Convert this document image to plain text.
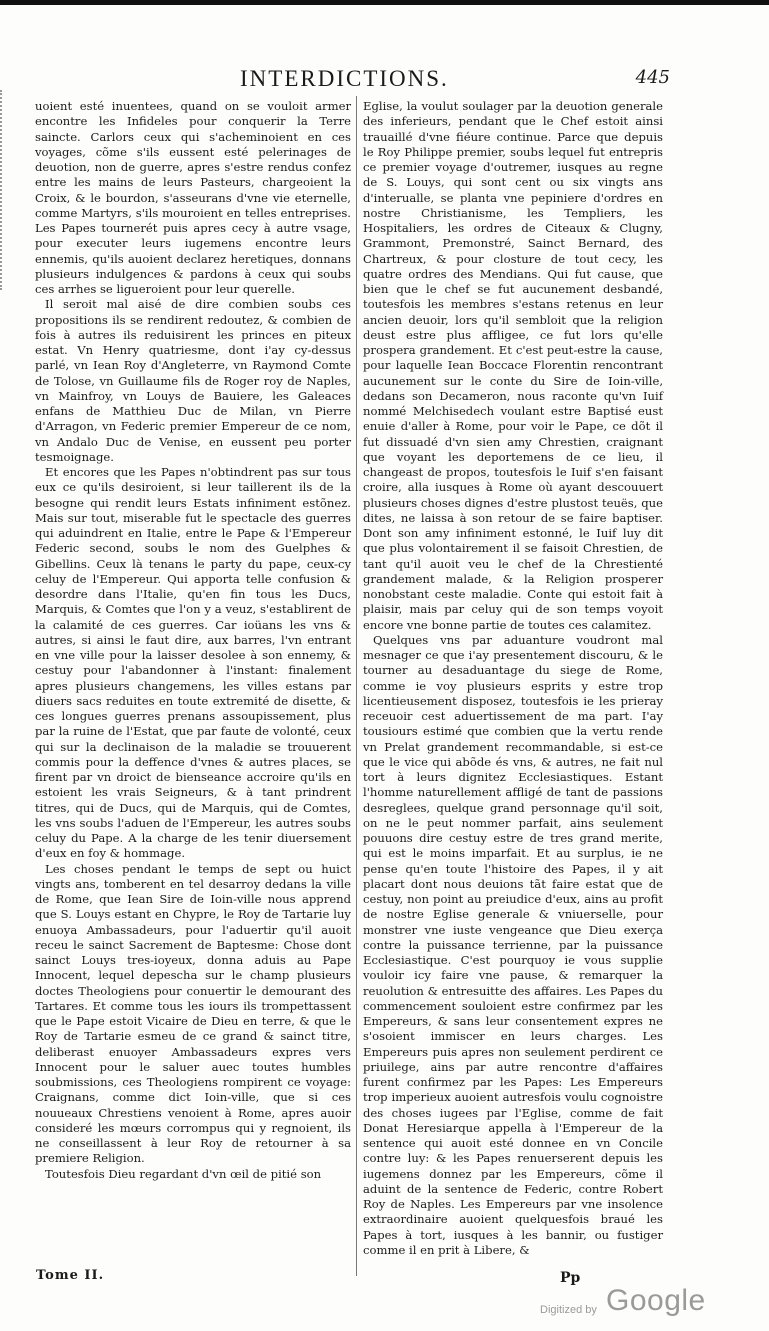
INTERDICTIONS.	445

uoient esté inuentees, quand on se vouloit armer encontre les Infideles pour conquerir la Terre saincte. Carlors ceux qui s'acheminoient en ces voyages, cõme s'ils eussent esté pelerinages de deuotion, non de guerre, apres s'estre rendus confez entre les mains de leurs Pasteurs, chargeoient la Croix, & le bourdon, s'asseurans d'vne vie eternelle, comme Martyrs, s'ils mouroient en telles entreprises. Les Papes tournerét puis apres cecy à autre vsage, pour executer leurs iugemens encontre leurs ennemis, qu'ils auoient declarez heretiques, donnans plusieurs indulgences & pardons à ceux qui soubs ces arrhes se ligueroient pour leur querelle.

Il seroit mal aisé de dire combien soubs ces propositions ils se rendirent redoutez, & combien de fois à autres ils reduisirent les princes en piteux estat. Vn Henry quatriesme, dont i'ay cy-dessus parlé, vn Iean Roy d'Angleterre, vn Raymond Comte de Tolose, vn Guillaume fils de Roger roy de Naples, vn Mainfroy, vn Louys de Bauiere, les Galeaces enfans de Matthieu Duc de Milan, vn Pierre d'Arragon, vn Federic premier Empereur de ce nom, vn Andalo Duc de Venise, en eussent peu porter tesmoignage.

Et encores que les Papes n'obtindrent pas sur tous eux ce qu'ils desiroient, si leur taillerent ils de la besogne qui rendit leurs Estats infiniment estõnez. Mais sur tout, miserable fut le spectacle des guerres qui aduindrent en Italie, entre le Pape & l'Empereur Federic second, soubs le nom des Guelphes & Gibellins. Ceux là tenans le party du pape, ceux-cy celuy de l'Empereur. Qui apporta telle confusion & desordre dans l'Italie, qu'en fin tous les Ducs, Marquis, & Comtes que l'on y a veuz, s'establirent de la calamité de ces guerres. Car ioüans les vns & autres, si ainsi le faut dire, aux barres, l'vn entrant en vne ville pour la laisser desolee à son ennemy, & cestuy pour l'abandonner à l'instant: finalement apres plusieurs changemens, les villes estans par diuers sacs reduites en toute extremité de disette, & ces longues guerres prenans assoupissement, plus par la ruine de l'Estat, que par faute de volonté, ceux qui sur la declinaison de la maladie se trouuerent commis pour la deffence d'vnes & autres places, se firent par vn droict de bienseance accroire qu'ils en estoient les vrais Seigneurs, & à tant prindrent titres, qui de Ducs, qui de Marquis, qui de Comtes, les vns soubs l'aduen de l'Empereur, les autres soubs celuy du Pape. A la charge de les tenir diuersement d'eux en foy & hommage.

Les choses pendant le temps de sept ou huict vingts ans, tomberent en tel desarroy dedans la ville de Rome, que Iean Sire de Ioin-ville nous apprend que S. Louys estant en Chypre, le Roy de Tartarie luy enuoya Ambassadeurs, pour l'aduertir qu'il auoit receu le sainct Sacrement de Baptesme: Chose dont sainct Louys tres-ioyeux, donna aduis au Pape Innocent, lequel depescha sur le champ plusieurs doctes Theologiens pour conuertir le demourant des Tartares. Et comme tous les iours ils trompettassent que le Pape estoit Vicaire de Dieu en terre, & que le Roy de Tartarie esmeu de ce grand & sainct titre, deliberast enuoyer Ambassadeurs expres vers Innocent pour le saluer auec toutes humbles soubmissions, ces Theologiens rompirent ce voyage: Craignans, comme dict Ioin-ville, que si ces nouueaux Chrestiens venoient à Rome, apres auoir consideré les mœurs corrompus qui y regnoient, ils ne conseillassent à leur Roy de retourner à sa premiere Religion.

Toutesfois Dieu regardant d'vn œil de pitié son

Eglise, la voulut soulager par la deuotion generale des inferieurs, pendant que le Chef estoit ainsi trauaillé d'vne fiéure continue. Parce que depuis le Roy Philippe premier, soubs lequel fut entrepris ce premier voyage d'outremer, iusques au regne de S. Louys, qui sont cent ou six vingts ans d'interualle, se planta vne pepiniere d'ordres en nostre Christianisme, les Templiers, les Hospitaliers, les ordres de Citeaux & Clugny, Grammont, Premonstré, Sainct Bernard, des Chartreux, & pour closture de tout cecy, les quatre ordres des Mendians. Qui fut cause, que bien que le chef se fut aucunement desbandé, toutesfois les membres s'estans retenus en leur ancien deuoir, lors qu'il sembloit que la religion deust estre plus affligee, ce fut lors qu'elle prospera grandement. Et c'est peut-estre la cause, pour laquelle Iean Boccace Florentin rencontrant aucunement sur le conte du Sire de Ioin-ville, dedans son Decameron, nous raconte qu'vn Iuif nommé Melchisedech voulant estre Baptisé eust enuie d'aller à Rome, pour voir le Pape, ce dõt il fut dissuadé d'vn sien amy Chrestien, craignant que voyant les deportemens de ce lieu, il changeast de propos, toutesfois le Iuif s'en faisant croire, alla iusques à Rome où ayant descouuert plusieurs choses dignes d'estre plustost teuës, que dites, ne laissa à son retour de se faire baptiser. Dont son amy infiniment estonné, le Iuif luy dit que plus volontairement il se faisoit Chrestien, de tant qu'il auoit veu le chef de la Chrestienté grandement malade, & la Religion prosperer nonobstant ceste maladie. Conte qui estoit fait à plaisir, mais par celuy qui de son temps voyoit encore vne bonne partie de toutes ces calamitez.

Quelques vns par aduanture voudront mal mesnager ce que i'ay presentement discouru, & le tourner au desaduantage du siege de Rome, comme ie voy plusieurs esprits y estre trop licentieusement disposez, toutesfois ie les prieray receuoir cest aduertissement de ma part. I'ay tousiours estimé que combien que la vertu rende vn Prelat grandement recommandable, si est-ce que le vice qui abõde és vns, & autres, ne fait nul tort à leurs dignitez Ecclesiastiques. Estant l'homme naturellement affligé de tant de passions desreglees, quelque grand personnage qu'il soit, on ne le peut nommer parfait, ains seulement pouuons dire cestuy estre de tres grand merite, qui est le moins imparfait. Et au surplus, ie ne pense qu'en toute l'histoire des Papes, il y ait placart dont nous deuions tãt faire estat que de cestuy, non point au preiudice d'eux, ains au profit de nostre Eglise generale & vniuerselle, pour monstrer vne iuste vengeance que Dieu exerça contre la puissance terrienne, par la puissance Ecclesiastique. C'est pourquoy ie vous supplie vouloir icy faire vne pause, & remarquer la reuolution & entresuitte des affaires. Les Papes du commencement souloient estre confirmez par les Empereurs, & sans leur consentement expres ne s'osoient immiscer en leurs charges. Les Empereurs puis apres non seulement perdirent ce priuilege, ains par autre rencontre d'affaires furent confirmez par les Papes: Les Empereurs trop imperieux auoient autresfois voulu cognoistre des choses iugees par l'Eglise, comme de fait Donat Heresiarque appella à l'Empereur de la sentence qui auoit esté donnee en vn Concile contre luy: & les Papes renuerserent depuis les iugemens donnez par les Empereurs, cõme il aduint de la sentence de Federic, contre Robert Roy de Naples. Les Empereurs par vne insolence extraordinaire auoient quelquesfois braué les Papes à tort, iusques à les bannir, ou fustiger comme il en prit à Libere, &

Tome II.	Pp
Digitized by Google
